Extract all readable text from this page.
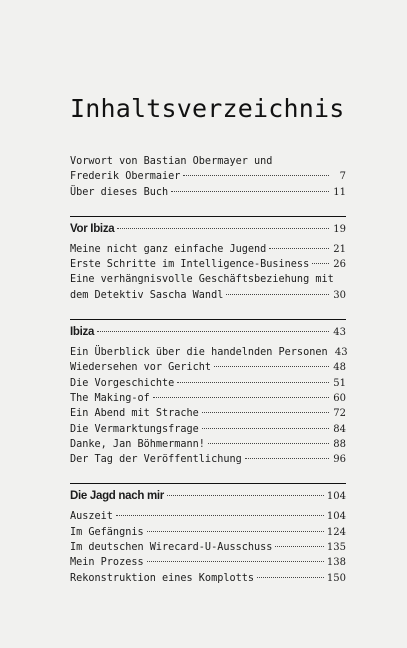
Inhaltsverzeichnis
Vorwort von Bastian Obermayer und
Frederik Obermaier	7
Über dieses Buch	11
Vor Ibiza	19
Meine nicht ganz einfache Jugend	21
Erste Schritte im Intelligence-Business 26
Eine verhängnisvolle Geschäftsbeziehung mit
dem Detektiv Sascha Wandl	30
Ibiza	43
Ein Überblick über die handelnden Personen 43
Wiedersehen vor Gericht	48
Die Vorgeschichte	51
The Making-of	60
Ein Abend mit Strache	72
Die Vermarktungsfrage	84
Danke, Jan Böhmermann!	88
Der Tag der Veröffentlichung	96
Die Jagd nach mir	104
Auszeit	104
Im Gefängnis	124
Im deutschen Wirecard-U-Ausschuss	135
Mein Prozess	138
Rekonstruktion eines Komplotts	150
